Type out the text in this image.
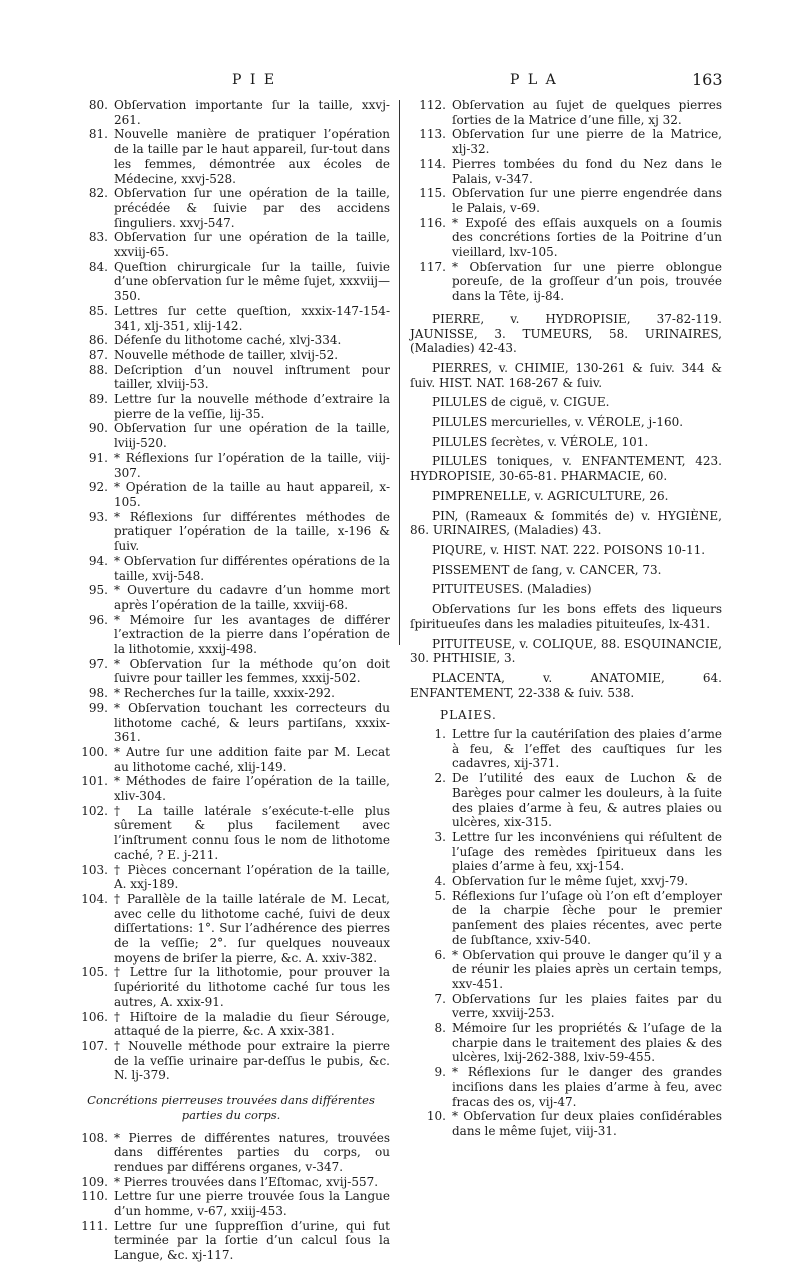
P I E	P L A	163
80. Obſervation importante ſur la taille, xxvj-261.
81. Nouvelle manière de pratiquer l’opération de la taille par le haut appareil, ſur-tout dans les femmes, démontrée aux écoles de Médecine, xxvj-528.
82. Obſervation ſur une opération de la taille, précédée & ſuivie par des accidens ſinguliers. xxvj-547.
83. Obſervation ſur une opération de la taille, xxviij-65.
84. Queſtion chirurgicale ſur la taille, ſuivie d’une obſervation ſur le même ſujet, xxxviij—350.
85. Lettres ſur cette queſtion, xxxix-147-154-341, xlj-351, xlij-142.
86. Défenſe du lithotome caché, xlvj-334.
87. Nouvelle méthode de tailler, xlvij-52.
88. Deſcription d’un nouvel inſtrument pour tailler, xlviij-53.
89. Lettre ſur la nouvelle méthode d’extraire la pierre de la veſſie, lij-35.
90. Obſervation ſur une opération de la taille, lviij-520.
91. * Réflexions ſur l’opération de la taille, viij-307.
92. * Opération de la taille au haut appareil, x-105.
93. * Réflexions ſur différentes méthodes de pratiquer l’opération de la taille, x-196 & ſuiv.
94. * Obſervation ſur différentes opérations de la taille, xvij-548.
95. * Ouverture du cadavre d’un homme mort après l’opération de la taille, xxviij-68.
96. * Mémoire ſur les avantages de différer l’extraction de la pierre dans l’opération de la lithotomie, xxxij-498.
97. * Obſervation ſur la méthode qu’on doit ſuivre pour tailler les femmes, xxxij-502.
98. * Recherches ſur la taille, xxxix-292.
99. * Obſervation touchant les correcteurs du lithotome caché, & leurs partiſans, xxxix-361.
100. * Autre ſur une addition faite par M. Lecat au lithotome caché, xlij-149.
101. * Méthodes de faire l’opération de la taille, xliv-304.
102. † La taille latérale s’exécute-t-elle plus sûrement & plus facilement avec l’inſtrument connu ſous le nom de lithotome caché, ? E. j-211.
103. † Pièces concernant l’opération de la taille, A. xxj-189.
104. † Parallèle de la taille latérale de M. Lecat, avec celle du lithotome caché, ſuivi de deux diſſertations: 1°. Sur l’adhérence des pierres de la veſſie; 2°. ſur quelques nouveaux moyens de briſer la pierre, &c. A. xxiv-382.
105. † Lettre ſur la lithotomie, pour prouver la ſupériorité du lithotome caché ſur tous les autres, A. xxix-91.
106. † Hiſtoire de la maladie du ſieur Sérouge, attaqué de la pierre, &c. A xxix-381.
107. † Nouvelle méthode pour extraire la pierre de la veſſie urinaire par-deſſus le pubis, &c. N. lj-379.
Concrétions pierreuses trouvées dans différentes parties du corps.
108. * Pierres de différentes natures, trouvées dans différentes parties du corps, ou rendues par différens organes, v-347.
109. * Pierres trouvées dans l’Eſtomac, xvij-557.
110. Lettre ſur une pierre trouvée ſous la Langue d’un homme, v-67, xxiij-453.
111. Lettre ſur une ſuppreſſion d’urine, qui fut terminée par la ſortie d’un calcul ſous la Langue, &c. xj-117.
112. Obſervation au ſujet de quelques pierres ſorties de la Matrice d’une fille, xj 32.
113. Obſervation ſur une pierre de la Matrice, xlj-32.
114. Pierres tombées du fond du Nez dans le Palais, v-347.
115. Obſervation ſur une pierre engendrée dans le Palais, v-69.
116. * Expoſé des eſſais auxquels on a ſoumis des concrétions ſorties de la Poitrine d’un vieillard, lxv-105.
117. * Obſervation ſur une pierre oblongue poreuſe, de la groſſeur d’un pois, trouvée dans la Tête, ij-84.

PIERRE, v. HYDROPISIE, 37-82-119. JAUNISSE, 3. TUMEURS, 58. URINAIRES, (Maladies) 42-43.

PIERRES, v. CHIMIE, 130-261 & ſuiv. 344 & ſuiv. HIST. NAT. 168-267 & ſuiv.

PILULES de ciguë, v. CIGUE.

PILULES mercurielles, v. VÉROLE, j-160.

PILULES ſecrètes, v. VÉROLE, 101.

PILULES toniques, v. ENFANTEMENT, 423. HYDROPISIE, 30-65-81. PHARMACIE, 60.

PIMPRENELLE, v. AGRICULTURE, 26.

PIN, (Rameaux & ſommités de) v. HYGIÈNE, 86. URINAIRES, (Maladies) 43.

PIQURE, v. HIST. NAT. 222. POISONS 10-11.

PISSEMENT de ſang, v. CANCER, 73.

PITUITEUSES. (Maladies)

Obſervations ſur les bons effets des liqueurs ſpiritueuſes dans les maladies pituiteuſes, lx-431.

PITUITEUSE, v. COLIQUE, 88. ESQUINANCIE, 30. PHTHISIE, 3.

PLACENTA, v. ANATOMIE, 64. ENFANTEMENT, 22-338 & ſuiv. 538.

PLAIES.
1. Lettre ſur la cautériſation des plaies d’arme à feu, & l’effet des cauſtiques ſur les cadavres, xij-371.
2. De l’utilité des eaux de Luchon & de Barèges pour calmer les douleurs, à la ſuite des plaies d’arme à feu, & autres plaies ou ulcères, xix-315.
3. Lettre ſur les inconvéniens qui réſultent de l’uſage des remèdes ſpiritueux dans les plaies d’arme à feu, xxj-154.
4. Obſervation ſur le même ſujet, xxvj-79.
5. Réflexions ſur l’uſage où l’on eſt d’employer de la charpie ſèche pour le premier panſement des plaies récentes, avec perte de ſubſtance, xxiv-540.
6. * Obſervation qui prouve le danger qu’il y a de réunir les plaies après un certain temps, xxv-451.
7. Obſervations ſur les plaies faites par du verre, xxviij-253.
8. Mémoire ſur les propriétés & l’uſage de la charpie dans le traitement des plaies & des ulcères, lxij-262-388, lxiv-59-455.
9. * Réflexions ſur le danger des grandes inciſions dans les plaies d’arme à feu, avec fracas des os, vij-47.
10. * Obſervation ſur deux plaies conſidérables dans le même ſujet, viij-31.
